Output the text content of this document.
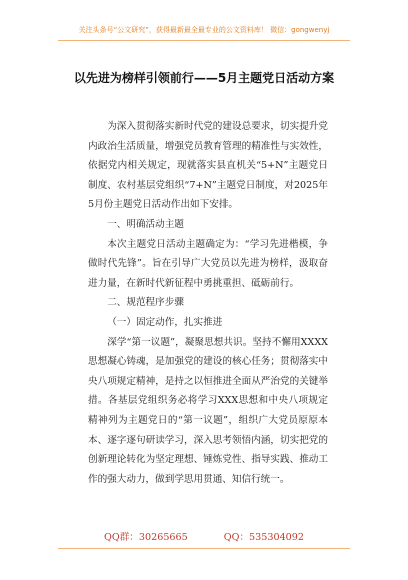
关注头条号“公文研究”，获得最新最全最专业的公文资料库！ 微信：gongwenyj
以先进为榜样引领前行——5月主题党日活动方案

为深入贯彻落实新时代党的建设总要求，切实提升党内政治生活质量，增强党员教育管理的精准性与实效性，依据党内相关规定，现就落实县直机关“5+N”主题党日制度、农村基层党组织“7+N”主题党日制度，对2025年5月份主题党日活动作出如下安排。

一、明确活动主题

本次主题党日活动主题确定为：“学习先进楷模，争做时代先锋”。旨在引导广大党员以先进为榜样，汲取奋进力量，在新时代新征程中勇挑重担、砥砺前行。

二、规范程序步骤

（一）固定动作，扎实推进

深学“第一议题”，凝聚思想共识。坚持不懈用XXXX思想凝心铸魂，是加强党的建设的核心任务；贯彻落实中央八项规定精神，是持之以恒推进全面从严治党的关键举措。各基层党组织务必将学习XXX思想和中央八项规定精神列为主题党日的“第一议题”，组织广大党员原原本本、逐字逐句研读学习，深入思考领悟内涵，切实把党的创新理论转化为坚定理想、锤炼党性、指导实践、推动工作的强大动力，做到学思用贯通、知信行统一。

QQ群：30265665	QQ：535304092
